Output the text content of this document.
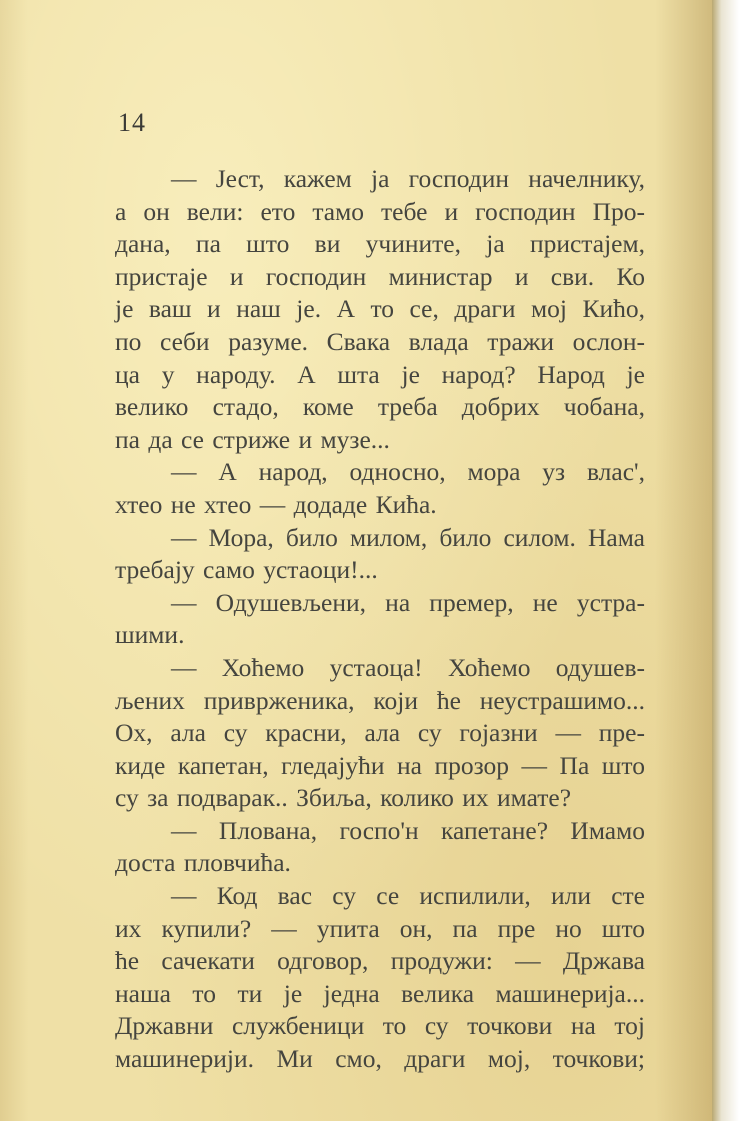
14
— Јест, кажем ја господин начелнику,
а он вели: ето тамо тебе и господин Про-
дана, па што ви учините, ја пристајем,
пристаје и господин министар и сви. Ко
је ваш и наш је. А то се, драги мој Кићо,
по себи разуме. Свака влада тражи ослон-
ца у народу. А шта је народ? Народ је
велико стадо, коме треба добрих чобана,
па да се стриже и музе...
— А народ, односно, мора уз влас',
хтео не хтео — додаде Кића.
— Мора, било милом, било силом. Нама
требају само устаоци!...
— Одушевљени, на премер, не устра-
шими.
— Хоћемо устаоца! Хоћемо одушев-
љених привржeника, који ће неустрашимо...
Ох, ала су красни, ала су гојазни — пре-
киде капетан, гледајући на прозор — Па што
су за подварак.. Збиља, колико их имате?
— Плована, госпо'н капетане? Имамо
доста пловчића.
— Код вас су се испилили, или сте
их купили? — упита он, па пре но што
ће сачекати одговор, продужи: — Држава
наша то ти је једна велика машинерија...
Државни службеници то су точкови на тој
машинерији. Ми смо, драги мој, точкови;
